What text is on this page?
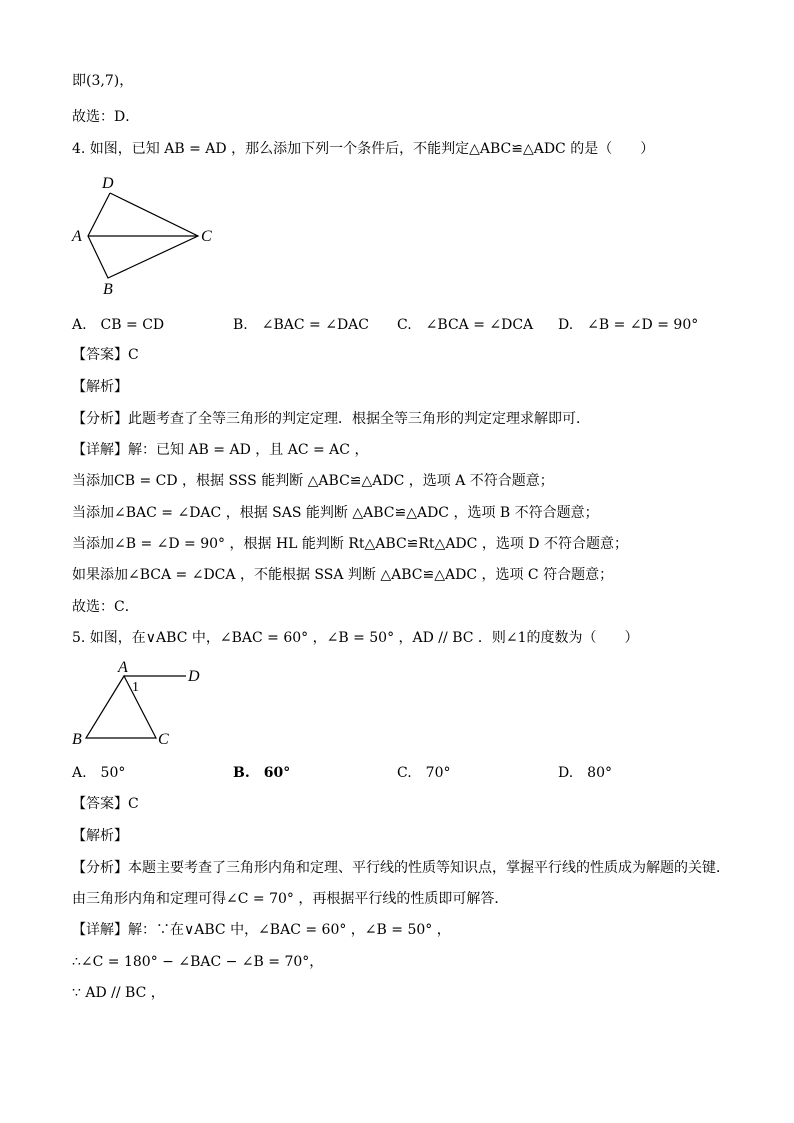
即(3,7)，
故选：D．
4. 如图，已知 AB = AD ，那么添加下列一个条件后，不能判定△ABC≌△ADC 的是（　　）
D
A	C
B
A.　CB = CD	B.　∠BAC = ∠DAC C.　∠BCA = ∠DCA D.　∠B = ∠D = 90°
【答案】C
【解析】
【分析】此题考查了全等三角形的判定定理．根据全等三角形的判定定理求解即可．
【详解】解：已知 AB = AD ，且 AC = AC ，
当添加CB = CD ，根据 SSS 能判断 △ABC≌△ADC ，选项 A 不符合题意；
当添加∠BAC = ∠DAC ，根据 SAS 能判断 △ABC≌△ADC ，选项 B 不符合题意；
当添加∠B = ∠D = 90° ，根据 HL 能判断 Rt△ABC≌Rt△ADC ，选项 D 不符合题意；
如果添加∠BCA = ∠DCA ，不能根据 SSA 判断 △ABC≌△ADC ，选项 C 符合题意；
故选：C．
5. 如图，在∨ABC 中，∠BAC = 60° ，∠B = 50° ，AD // BC ．则∠1的度数为（　　）
A
D
1
B	C
A.　50°	B.　60°	C.　70°	D.　80°
【答案】C
【解析】
【分析】本题主要考查了三角形内角和定理、平行线的性质等知识点，掌握平行线的性质成为解题的关键．
由三角形内角和定理可得∠C = 70° ，再根据平行线的性质即可解答．
【详解】解：∵在∨ABC 中，∠BAC = 60° ，∠B = 50° ，
∴∠C = 180° − ∠BAC − ∠B = 70°，
∵ AD // BC ，
